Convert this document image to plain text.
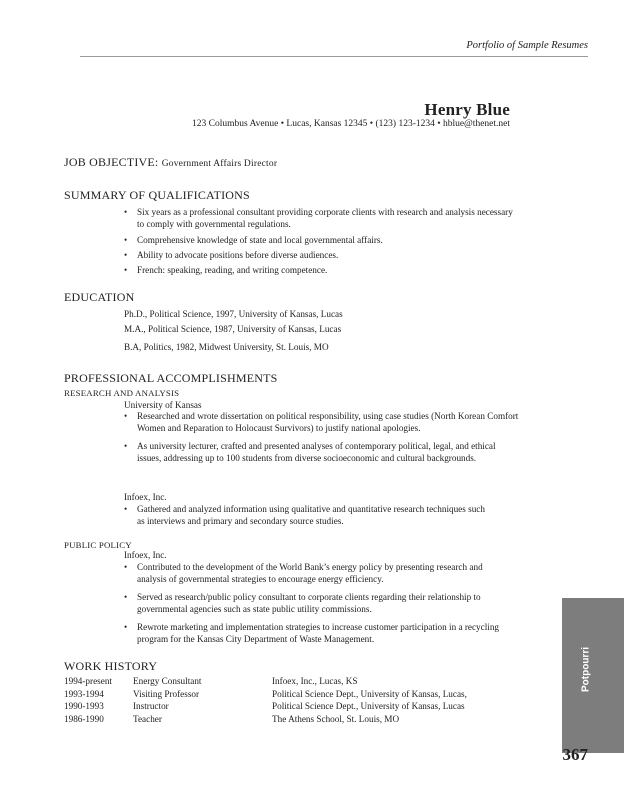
Portfolio of Sample Resumes
Henry Blue
123 Columbus Avenue • Lucas, Kansas 12345 • (123) 123-1234 • hblue@thenet.net
JOB OBJECTIVE: Government Affairs Director
SUMMARY OF QUALIFICATIONS
• Six years as a professional consultant providing corporate clients with research and analysis necessary to comply with governmental regulations.
• Comprehensive knowledge of state and local governmental affairs.
• Ability to advocate positions before diverse audiences.
• French: speaking, reading, and writing competence.
EDUCATION
Ph.D., Political Science, 1997, University of Kansas, Lucas
M.A., Political Science, 1987, University of Kansas, Lucas
B.A, Politics, 1982, Midwest University, St. Louis, MO
PROFESSIONAL ACCOMPLISHMENTS
RESEARCH AND ANALYSIS
University of Kansas
• Researched and wrote dissertation on political responsibility, using case studies (North Korean Comfort Women and Reparation to Holocaust Survivors) to justify national apologies.
• As university lecturer, crafted and presented analyses of contemporary political, legal, and ethical issues, addressing up to 100 students from diverse socioeconomic and cultural backgrounds.
Infoex, Inc.
• Gathered and analyzed information using qualitative and quantitative research techniques such as interviews and primary and secondary source studies.
PUBLIC POLICY
Infoex, Inc.
• Contributed to the development of the World Bank’s energy policy by presenting research and analysis of governmental strategies to encourage energy efficiency.
• Served as research/public policy consultant to corporate clients regarding their relationship to governmental agencies such as state public utility commissions.
• Rewrote marketing and implementation strategies to increase customer participation in a recycling program for the Kansas City Department of Waste Management.
WORK HISTORY
1994-present Energy Consultant	Infoex, Inc., Lucas, KS
1993-1994	Visiting Professor	Political Science Dept., University of Kansas, Lucas,
1990-1993	Instructor	Political Science Dept., University of Kansas, Lucas
1986-1990	Teacher	The Athens School, St. Louis, MO
Potpourri
367
